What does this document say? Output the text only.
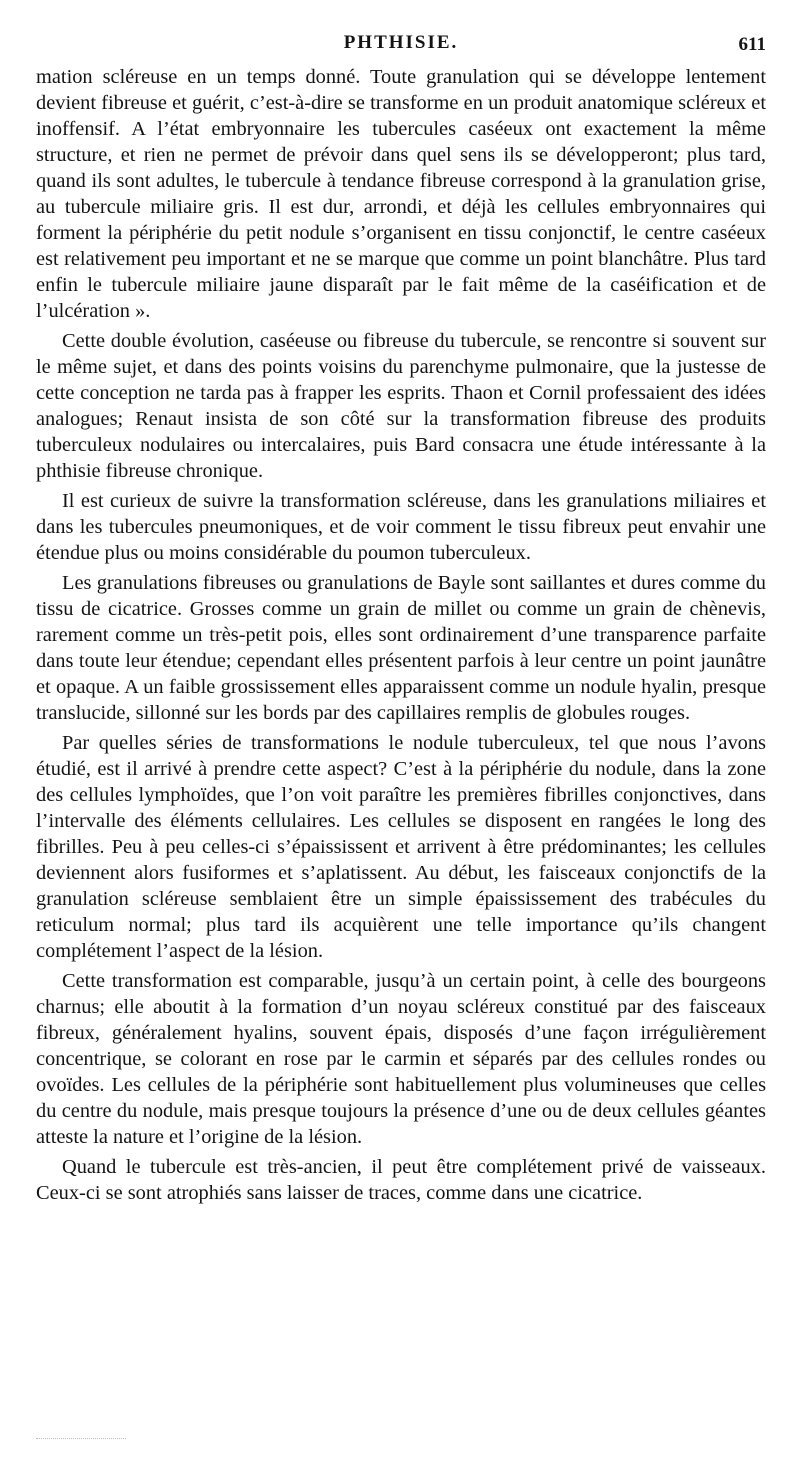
PHTHISIE.	611

mation scléreuse en un temps donné. Toute granulation qui se développe lentement devient fibreuse et guérit, c’est-à-dire se transforme en un produit anatomique scléreux et inoffensif. A l’état embryonnaire les tubercules caséeux ont exactement la même structure, et rien ne permet de prévoir dans quel sens ils se développeront; plus tard, quand ils sont adultes, le tubercule à tendance fibreuse correspond à la granulation grise, au tubercule miliaire gris. Il est dur, arrondi, et déjà les cellules embryonnaires qui forment la périphérie du petit nodule s’organisent en tissu conjonctif, le centre caséeux est relativement peu important et ne se marque que comme un point blanchâtre. Plus tard enfin le tubercule miliaire jaune disparaît par le fait même de la caséification et de l’ulcération ».

Cette double évolution, caséeuse ou fibreuse du tubercule, se rencontre si souvent sur le même sujet, et dans des points voisins du parenchyme pulmonaire, que la justesse de cette conception ne tarda pas à frapper les esprits. Thaon et Cornil professaient des idées analogues; Renaut insista de son côté sur la transformation fibreuse des produits tuberculeux nodulaires ou intercalaires, puis Bard consacra une étude intéressante à la phthisie fibreuse chronique.

Il est curieux de suivre la transformation scléreuse, dans les granulations miliaires et dans les tubercules pneumoniques, et de voir comment le tissu fibreux peut envahir une étendue plus ou moins considérable du poumon tuberculeux.

Les granulations fibreuses ou granulations de Bayle sont saillantes et dures comme du tissu de cicatrice. Grosses comme un grain de millet ou comme un grain de chènevis, rarement comme un très-petit pois, elles sont ordinairement d’une transparence parfaite dans toute leur étendue; cependant elles présentent parfois à leur centre un point jaunâtre et opaque. A un faible grossissement elles apparaissent comme un nodule hyalin, presque translucide, sillonné sur les bords par des capillaires remplis de globules rouges.

Par quelles séries de transformations le nodule tuberculeux, tel que nous l’avons étudié, est il arrivé à prendre cette aspect? C’est à la périphérie du nodule, dans la zone des cellules lymphoïdes, que l’on voit paraître les premières fibrilles conjonctives, dans l’intervalle des éléments cellulaires. Les cellules se disposent en rangées le long des fibrilles. Peu à peu celles-ci s’épaississent et arrivent à être prédominantes; les cellules deviennent alors fusiformes et s’aplatissent. Au début, les faisceaux conjonctifs de la granulation scléreuse semblaient être un simple épaississement des trabécules du reticulum normal; plus tard ils acquièrent une telle importance qu’ils changent complétement l’aspect de la lésion.

Cette transformation est comparable, jusqu’à un certain point, à celle des bourgeons charnus; elle aboutit à la formation d’un noyau scléreux constitué par des faisceaux fibreux, généralement hyalins, souvent épais, disposés d’une façon irrégulièrement concentrique, se colorant en rose par le carmin et séparés par des cellules rondes ou ovoïdes. Les cellules de la périphérie sont habituellement plus volumineuses que celles du centre du nodule, mais presque toujours la présence d’une ou de deux cellules géantes atteste la nature et l’origine de la lésion.

Quand le tubercule est très-ancien, il peut être complétement privé de vaisseaux. Ceux-ci se sont atrophiés sans laisser de traces, comme dans une cicatrice.
